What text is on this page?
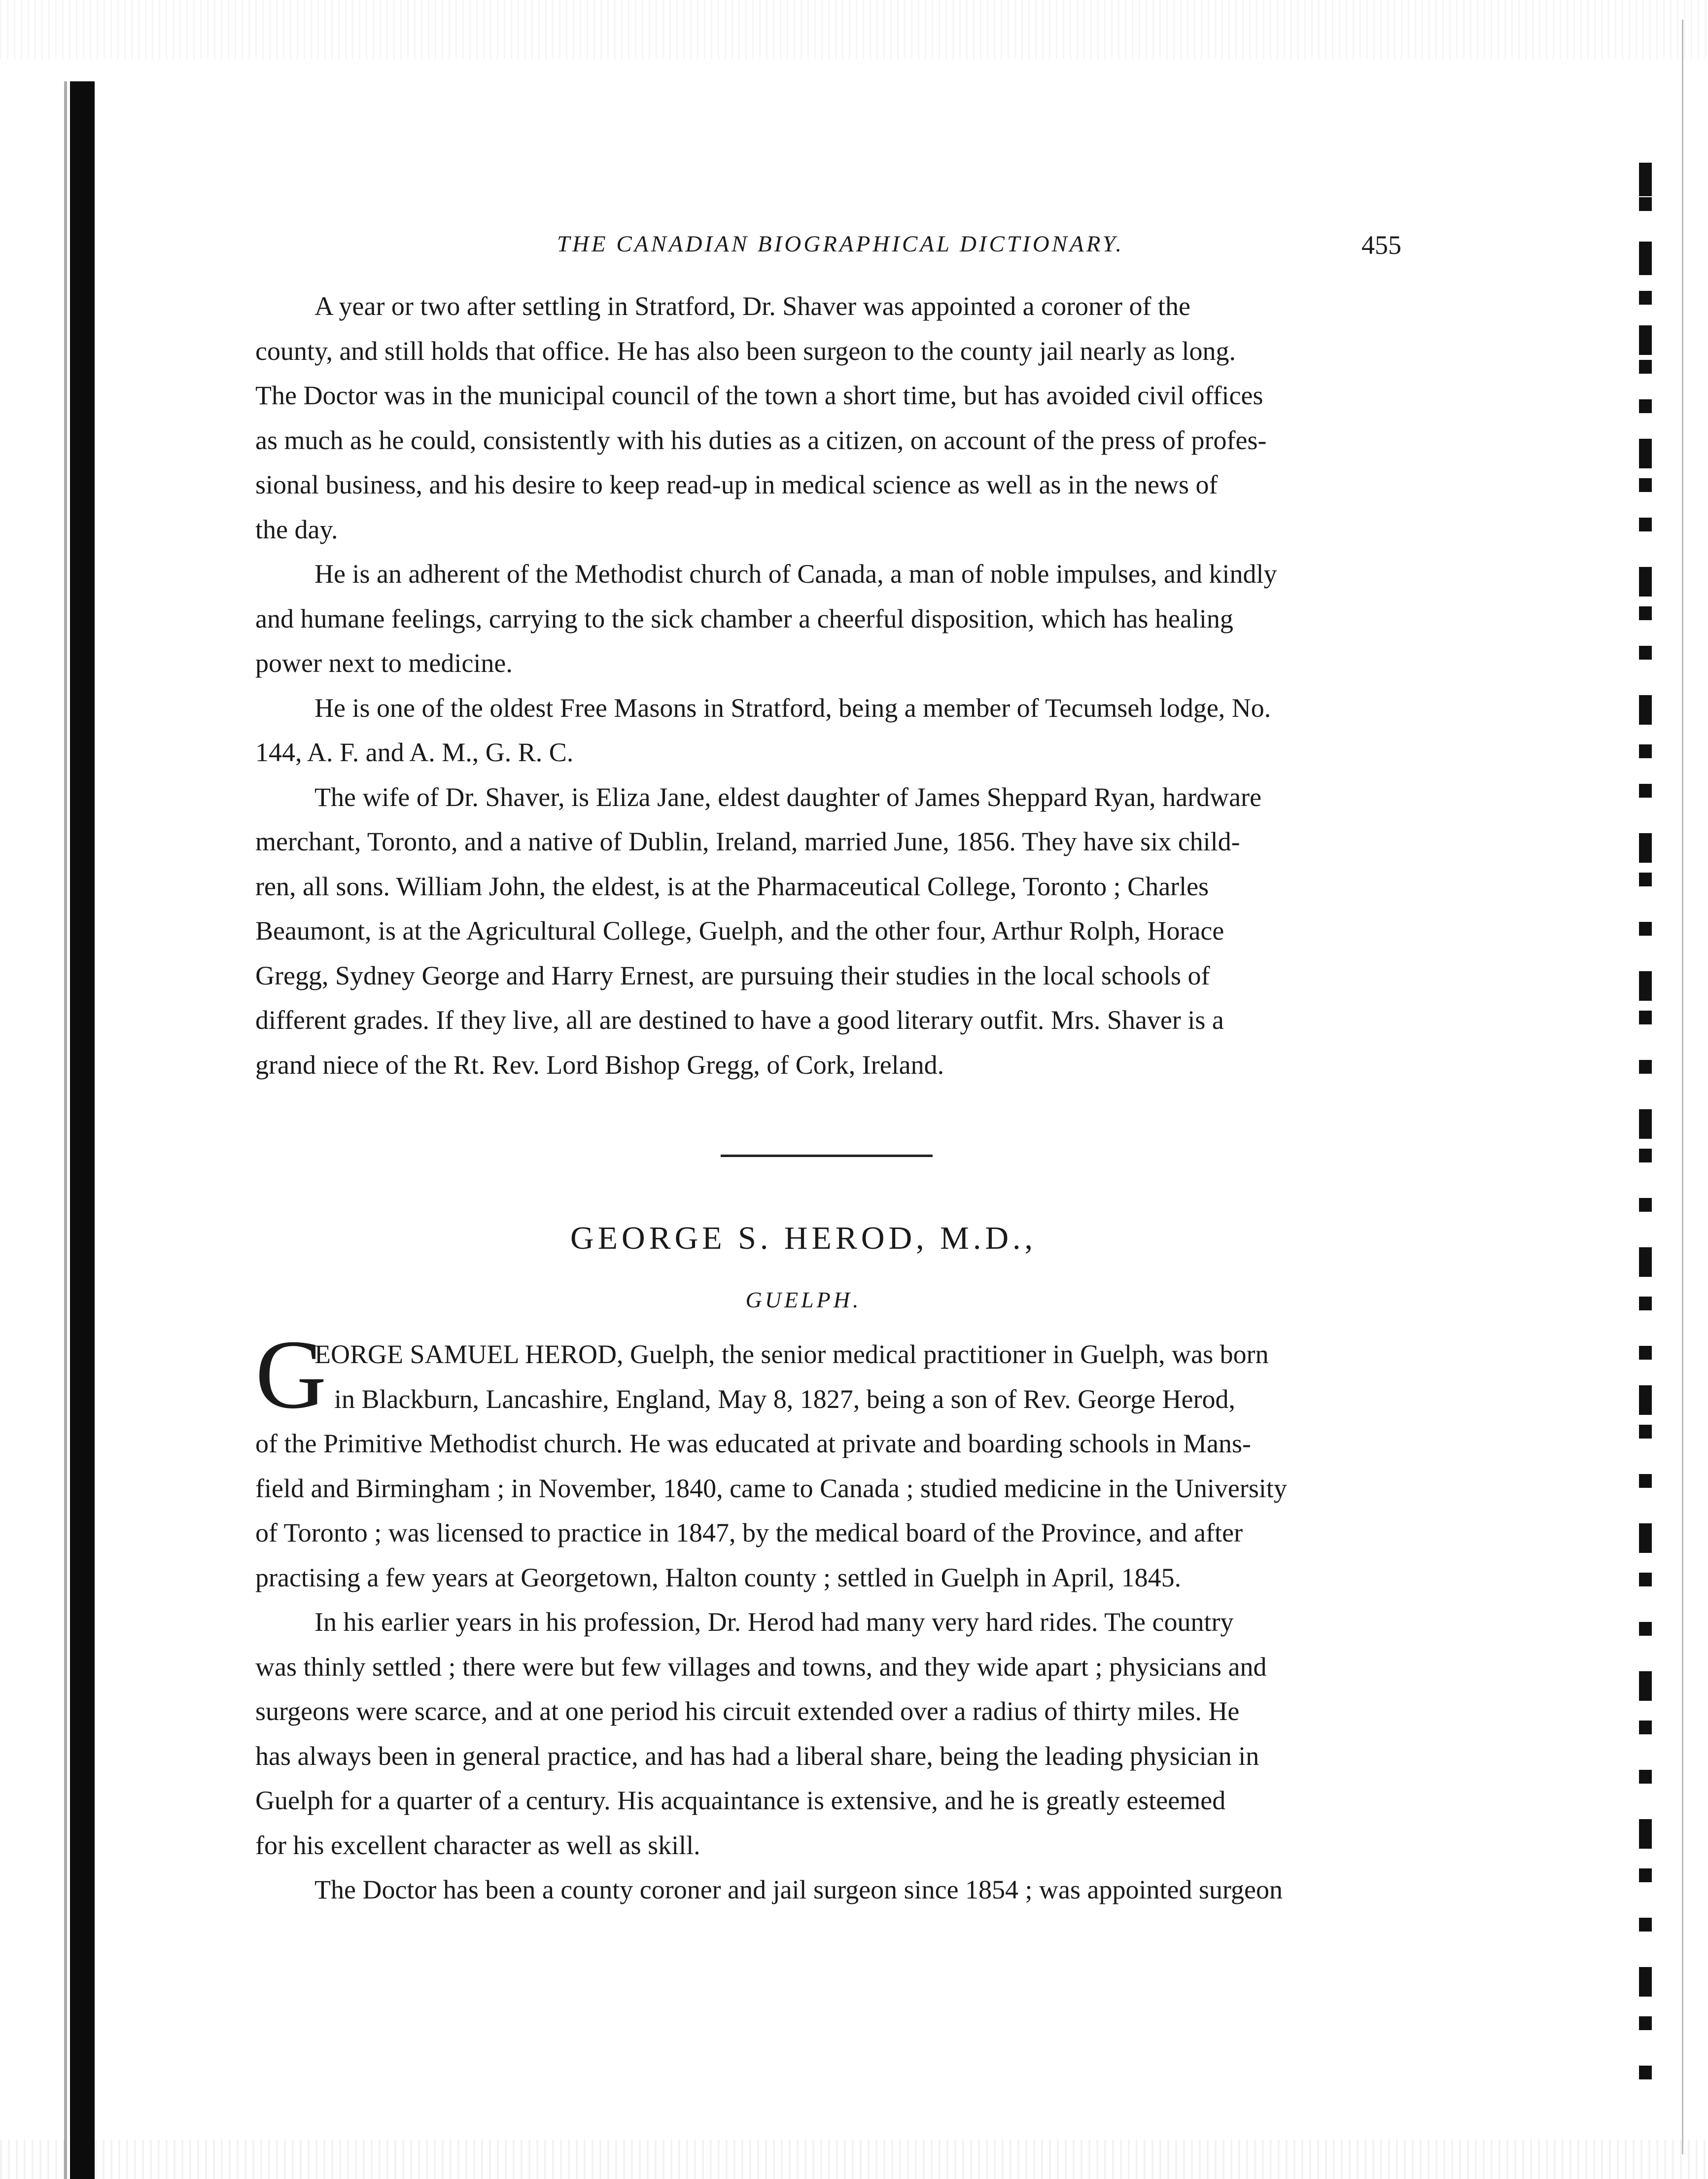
THE CANADIAN BIOGRAPHICAL DICTIONARY.	455

A year or two after settling in Stratford, Dr. Shaver was appointed a coroner of the
county, and still holds that office. He has also been surgeon to the county jail nearly as long.
The Doctor was in the municipal council of the town a short time, but has avoided civil offices
as much as he could, consistently with his duties as a citizen, on account of the press of profes-
sional business, and his desire to keep read-up in medical science as well as in the news of
the day.

He is an adherent of the Methodist church of Canada, a man of noble impulses, and kindly
and humane feelings, carrying to the sick chamber a cheerful disposition, which has healing
power next to medicine.

He is one of the oldest Free Masons in Stratford, being a member of Tecumseh lodge, No.
144, A. F. and A. M., G. R. C.

The wife of Dr. Shaver, is Eliza Jane, eldest daughter of James Sheppard Ryan, hardware
merchant, Toronto, and a native of Dublin, Ireland, married June, 1856. They have six child-
ren, all sons. William John, the eldest, is at the Pharmaceutical College, Toronto ; Charles
Beaumont, is at the Agricultural College, Guelph, and the other four, Arthur Rolph, Horace
Gregg, Sydney George and Harry Ernest, are pursuing their studies in the local schools of
different grades. If they live, all are destined to have a good literary outfit. Mrs. Shaver is a
grand niece of the Rt. Rev. Lord Bishop Gregg, of Cork, Ireland.

GEORGE S. HEROD, M.D.,
GUELPH.
G

EORGE SAMUEL HEROD, Guelph, the senior medical practitioner in Guelph, was born
in Blackburn, Lancashire, England, May 8, 1827, being a son of Rev. George Herod,

of the Primitive Methodist church. He was educated at private and boarding schools in Mans-
field and Birmingham ; in November, 1840, came to Canada ; studied medicine in the University
of Toronto ; was licensed to practice in 1847, by the medical board of the Province, and after
practising a few years at Georgetown, Halton county ; settled in Guelph in April, 1845.

In his earlier years in his profession, Dr. Herod had many very hard rides. The country
was thinly settled ; there were but few villages and towns, and they wide apart ; physicians and
surgeons were scarce, and at one period his circuit extended over a radius of thirty miles. He
has always been in general practice, and has had a liberal share, being the leading physician in
Guelph for a quarter of a century. His acquaintance is extensive, and he is greatly esteemed
for his excellent character as well as skill.

The Doctor has been a county coroner and jail surgeon since 1854 ; was appointed surgeon
